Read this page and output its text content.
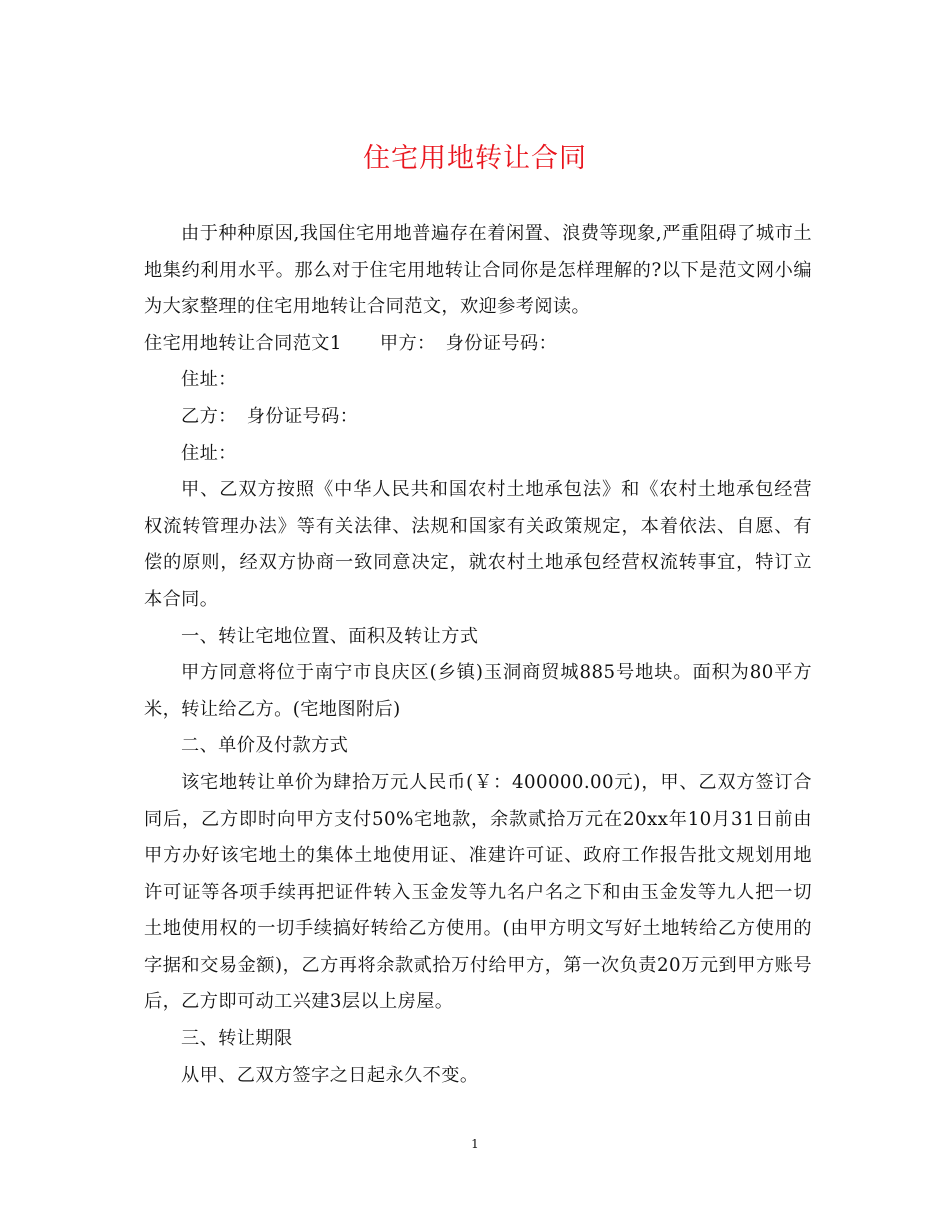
住宅用地转让合同

由于种种原因,我国住宅用地普遍存在着闲置、浪费等现象,严重阻碍了城市土地集约利用水平。那么对于住宅用地转让合同你是怎样理解的?以下是范文网小编为大家整理的住宅用地转让合同范文，欢迎参考阅读。

住宅用地转让合同范文1 甲方： 身份证号码：

住址：

乙方： 身份证号码：

住址：

甲、乙双方按照《中华人民共和国农村土地承包法》和《农村土地承包经营权流转管理办法》等有关法律、法规和国家有关政策规定，本着依法、自愿、有偿的原则，经双方协商一致同意决定，就农村土地承包经营权流转事宜，特订立本合同。

一、转让宅地位置、面积及转让方式

甲方同意将位于南宁市良庆区(乡镇)玉洞商贸城885号地块。面积为80平方米，转让给乙方。(宅地图附后)

二、单价及付款方式

该宅地转让单价为肆拾万元人民币(￥：400000.00元)，甲、乙双方签订合同后，乙方即时向甲方支付50%宅地款，余款贰拾万元在20xx年10月31日前由甲方办好该宅地土的集体土地使用证、准建许可证、政府工作报告批文规划用地许可证等各项手续再把证件转入玉金发等九名户名之下和由玉金发等九人把一切土地使用权的一切手续搞好转给乙方使用。(由甲方明文写好土地转给乙方使用的字据和交易金额)，乙方再将余款贰拾万付给甲方，第一次负责20万元到甲方账号后，乙方即可动工兴建3层以上房屋。

三、转让期限

从甲、乙双方签字之日起永久不变。

1
